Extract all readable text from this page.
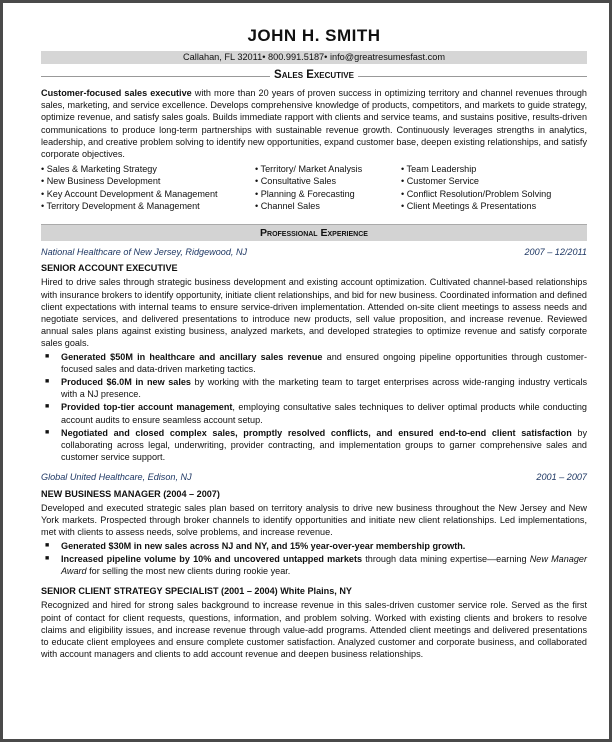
JOHN H. SMITH
Callahan, FL 32011• 800.991.5187• info@greatresumesfast.com
Sales Executive

Customer-focused sales executive with more than 20 years of proven success in optimizing territory and channel revenues through sales, marketing, and service excellence. Develops comprehensive knowledge of products, competitors, and markets to guide strategy, optimize revenue, and satisfy sales goals. Builds immediate rapport with clients and service teams, and sustains positive, results-driven communications to produce long-term partnerships with sustainable revenue growth. Continuously leverages strengths in analytics, leadership, and creative problem solving to identify new opportunities, expand customer base, deepen existing relationships, and satisfy corporate objectives.

• Sales & Marketing Strategy
• New Business Development
• Key Account Development & Management
• Territory Development & Management
• Territory/ Market Analysis
• Consultative Sales
• Planning & Forecasting
• Channel Sales
• Team Leadership
• Customer Service
• Conflict Resolution/Problem Solving
• Client Meetings & Presentations
Professional Experience
National Healthcare of New Jersey, Ridgewood, NJ	2007 – 12/2011
SENIOR ACCOUNT EXECUTIVE

Hired to drive sales through strategic business development and existing account optimization. Cultivated channel-based relationships with insurance brokers to identify opportunity, initiate client relationships, and bid for new business. Coordinated information and defined client expectations with internal teams to ensure service-driven implementation. Attended on-site client meetings to assess needs and negotiate services, and delivered presentations to introduce new products, sell value proposition, and increase revenue. Reviewed annual sales plans against existing business, analyzed markets, and developed strategies to optimize revenue and satisfy corporate sales goals.

■ Generated $50M in healthcare and ancillary sales revenue and ensured ongoing pipeline opportunities through customer-focused sales and data-driven marketing tactics.
■ Produced $6.0M in new sales by working with the marketing team to target enterprises across wide-ranging industry verticals with a NJ presence.
■ Provided top-tier account management, employing consultative sales techniques to deliver optimal products while conducting account audits to ensure seamless account setup.
■ Negotiated and closed complex sales, promptly resolved conflicts, and ensured end-to-end client satisfaction by collaborating across legal, underwriting, provider contracting, and implementation groups to garner comprehensive sales and customer service support.
Global United Healthcare, Edison, NJ	2001 – 2007
NEW BUSINESS MANAGER (2004 – 2007)

Developed and executed strategic sales plan based on territory analysis to drive new business throughout the New Jersey and New York markets. Prospected through broker channels to identify opportunities and initiate new client relationships. Led implementations, met with clients to assess needs, solve problems, and increase revenue.

■ Generated $30M in new sales across NJ and NY, and 15% year-over-year membership growth.
■ Increased pipeline volume by 10% and uncovered untapped markets through data mining expertise—earning New Manager Award for selling the most new clients during rookie year.
SENIOR CLIENT STRATEGY SPECIALIST (2001 – 2004) White Plains, NY

Recognized and hired for strong sales background to increase revenue in this sales-driven customer service role. Served as the first point of contact for client requests, questions, information, and problem solving. Worked with existing clients and brokers to resolve claims and eligibility issues, and increase revenue through value-add programs. Attended client meetings and delivered presentations to educate client employees and ensure complete customer satisfaction. Analyzed customer and corporate business, and collaborated with account managers and clients to add account revenue and deepen business relationships.
